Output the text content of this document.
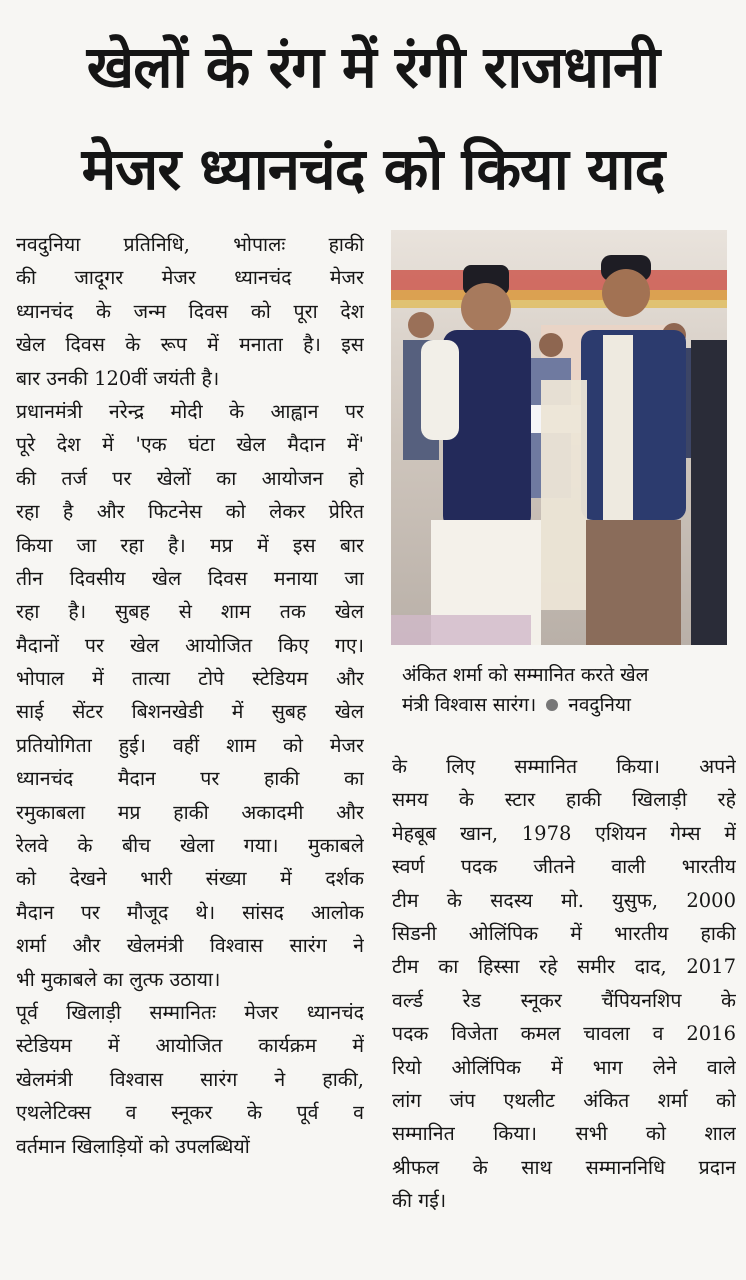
खेलों के रंग में रंगी राजधानी
मेजर ध्यानचंद को किया याद
नवदुनिया प्रतिनिधि, भोपालः हाकी
की जादूगर मेजर ध्यानचंद मेजर
ध्यानचंद के जन्म दिवस को पूरा देश
खेल दिवस के रूप में मनाता है। इस
बार उनकी 120वीं जयंती है।
प्रधानमंत्री नरेन्द्र मोदी के आह्वान पर
पूरे देश में 'एक घंटा खेल मैदान में'
की तर्ज पर खेलों का आयोजन हो
रहा है और फिटनेस को लेकर प्रेरित
किया जा रहा है। मप्र में इस बार
तीन दिवसीय खेल दिवस मनाया जा
रहा है। सुबह से शाम तक खेल
मैदानों पर खेल आयोजित किए गए।
भोपाल में तात्या टोपे स्टेडियम और
साई सेंटर बिशनखेडी में सुबह खेल
प्रतियोगिता हुई। वहीं शाम को मेजर
ध्यानचंद मैदान पर हाकी का
रमुकाबला मप्र हाकी अकादमी और
रेलवे के बीच खेला गया। मुकाबले
को देखने भारी संख्या में दर्शक
मैदान पर मौजूद थे। सांसद आलोक
शर्मा और खेलमंत्री विश्वास सारंग ने
भी मुकाबले का लुत्फ उठाया।
पूर्व खिलाड़ी सम्मानितः मेजर ध्यानचंद
स्टेडियम में आयोजित कार्यक्रम में
खेलमंत्री विश्वास सारंग ने हाकी,
एथलेटिक्स व स्नूकर के पूर्व व
वर्तमान खिलाड़ियों को उपलब्धियों
अंकित शर्मा को सम्मानित करते खेल
मंत्री विश्वास सारंग। नवदुनिया
के लिए सम्मानित किया। अपने
समय के स्टार हाकी खिलाड़ी रहे
मेहबूब खान, 1978 एशियन गेम्स में
स्वर्ण पदक जीतने वाली भारतीय
टीम के सदस्य मो. युसुफ, 2000
सिडनी ओलिंपिक में भारतीय हाकी
टीम का हिस्सा रहे समीर दाद, 2017
वर्ल्ड रेड स्नूकर चैंपियनशिप के
पदक विजेता कमल चावला व 2016
रियो ओलिंपिक में भाग लेने वाले
लांग जंप एथलीट अंकित शर्मा को
सम्मानित किया। सभी को शाल
श्रीफल के साथ सम्माननिधि प्रदान
की गई।
